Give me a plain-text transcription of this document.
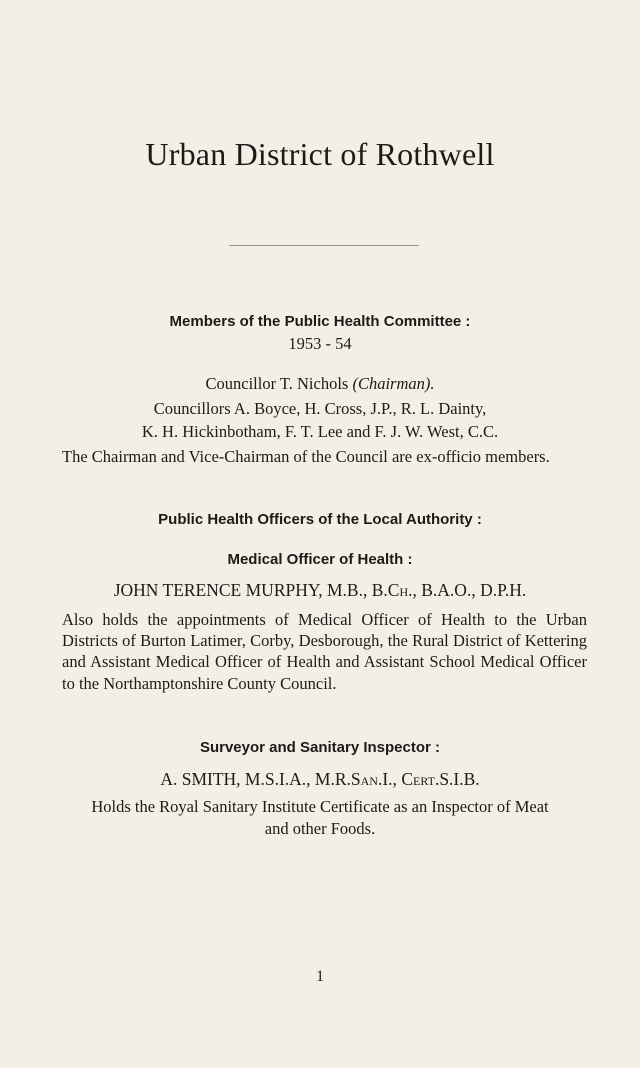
Urban District of Rothwell
Members of the Public Health Committee :
1953 - 54
Councillor T. Nichols (Chairman).
Councillors A. Boyce, H. Cross, J.P., R. L. Dainty,
K. H. Hickinbotham, F. T. Lee and F. J. W. West, C.C.
The Chairman and Vice-Chairman of the Council are ex-officio members.
Public Health Officers of the Local Authority :
Medical Officer of Health :
JOHN TERENCE MURPHY, M.B., B.Ch., B.A.O., D.P.H.
Also holds the appointments of Medical Officer of Health to the Urban Districts of Burton Latimer, Corby, Desborough, the Rural District of Kettering and Assistant Medical Officer of Health and Assistant School Medical Officer to the Northamptonshire County Council.
Surveyor and Sanitary Inspector :
A. SMITH, M.S.I.A., M.R.San.I., Cert.S.I.B.
Holds the Royal Sanitary Institute Certificate as an Inspector of Meat
and other Foods.
1
